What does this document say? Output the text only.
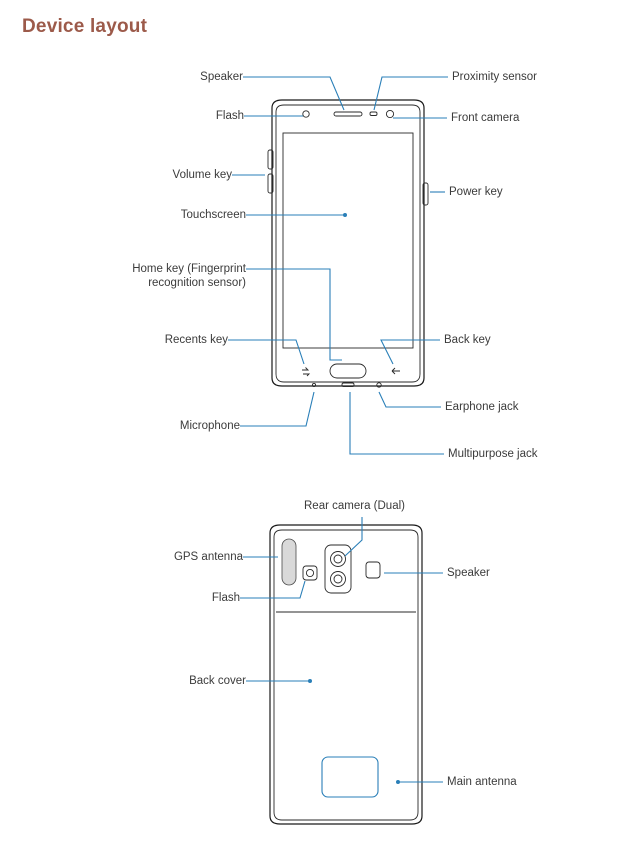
Device layout
Speaker	Proximity sensor
Flash	Front camera
Volume key
Power key
Touchscreen
Home key (Fingerprint
recognition sensor)
Recents key	Back key
Microphone
Earphone jack
Multipurpose jack
Rear camera (Dual)
GPS antenna
Speaker
Flash
Back cover
Main antenna
